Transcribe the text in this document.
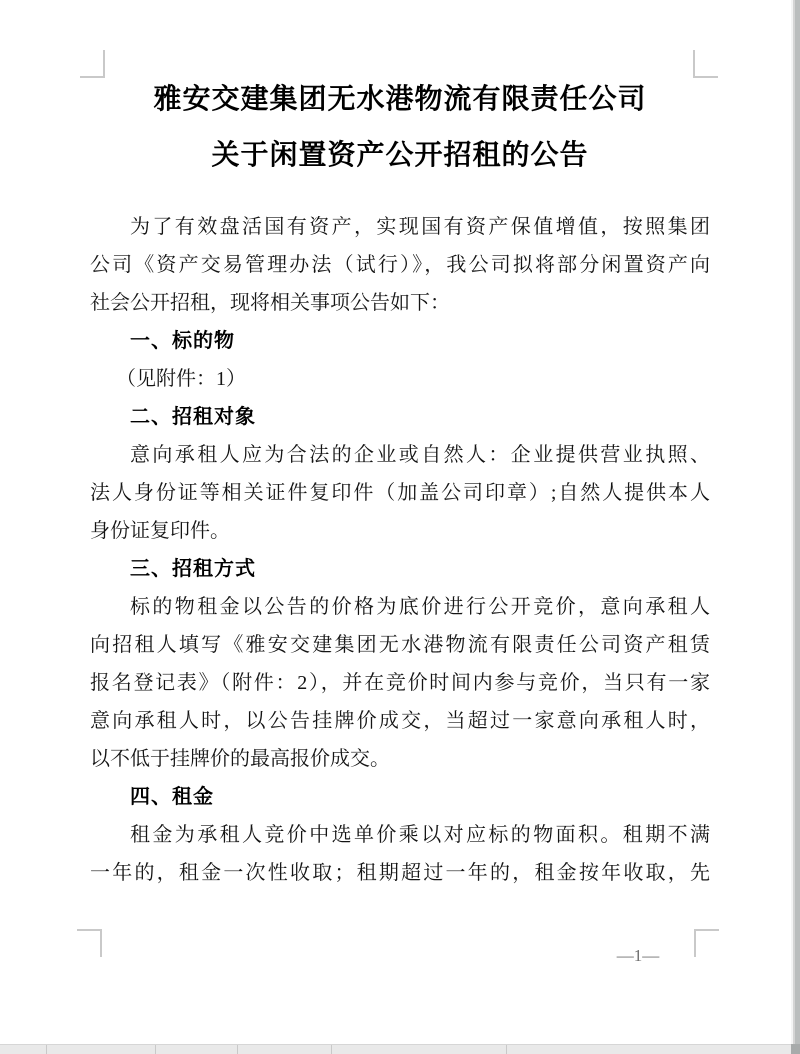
雅安交建集团无水港物流有限责任公司
关于闲置资产公开招租的公告
为了有效盘活国有资产，实现国有资产保值增值，按照集团
公司《资产交易管理办法（试行）》，我公司拟将部分闲置资产向
社会公开招租，现将相关事项公告如下：
一、标的物
（见附件：1）
二、招租对象
意向承租人应为合法的企业或自然人：企业提供营业执照、
法人身份证等相关证件复印件（加盖公司印章）;自然人提供本人
身份证复印件。
三、招租方式
标的物租金以公告的价格为底价进行公开竞价，意向承租人
向招租人填写《雅安交建集团无水港物流有限责任公司资产租赁
报名登记表》（附件：2），并在竞价时间内参与竞价，当只有一家
意向承租人时，以公告挂牌价成交，当超过一家意向承租人时，
以不低于挂牌价的最高报价成交。
四、租金
租金为承租人竞价中选单价乘以对应标的物面积。租期不满
一年的，租金一次性收取；租期超过一年的，租金按年收取，先
—1—
